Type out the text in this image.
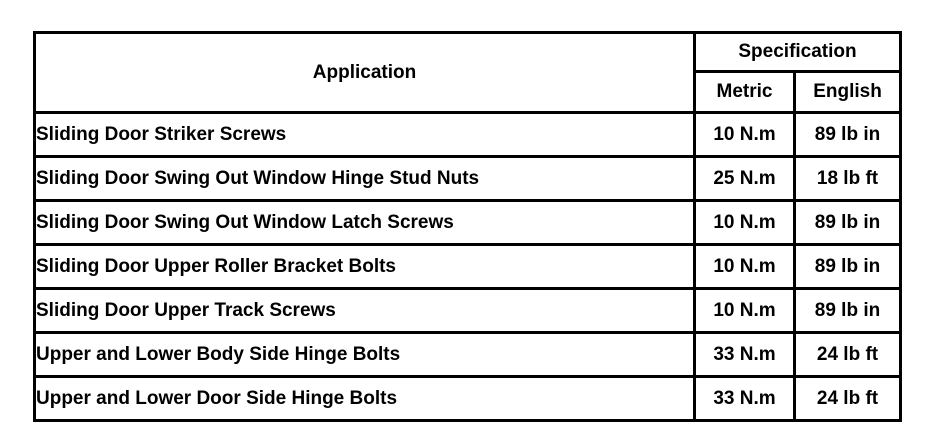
Application	Specification	
	Metric	English
Sliding Door Striker Screws	10 N.m	89 lb in
Sliding Door Swing Out Window Hinge Stud Nuts	25 N.m	18 lb ft
Sliding Door Swing Out Window Latch Screws	10 N.m	89 lb in
Sliding Door Upper Roller Bracket Bolts	10 N.m	89 lb in
Sliding Door Upper Track Screws	10 N.m	89 lb in
Upper and Lower Body Side Hinge Bolts	33 N.m	24 lb ft
Upper and Lower Door Side Hinge Bolts	33 N.m	24 lb ft
